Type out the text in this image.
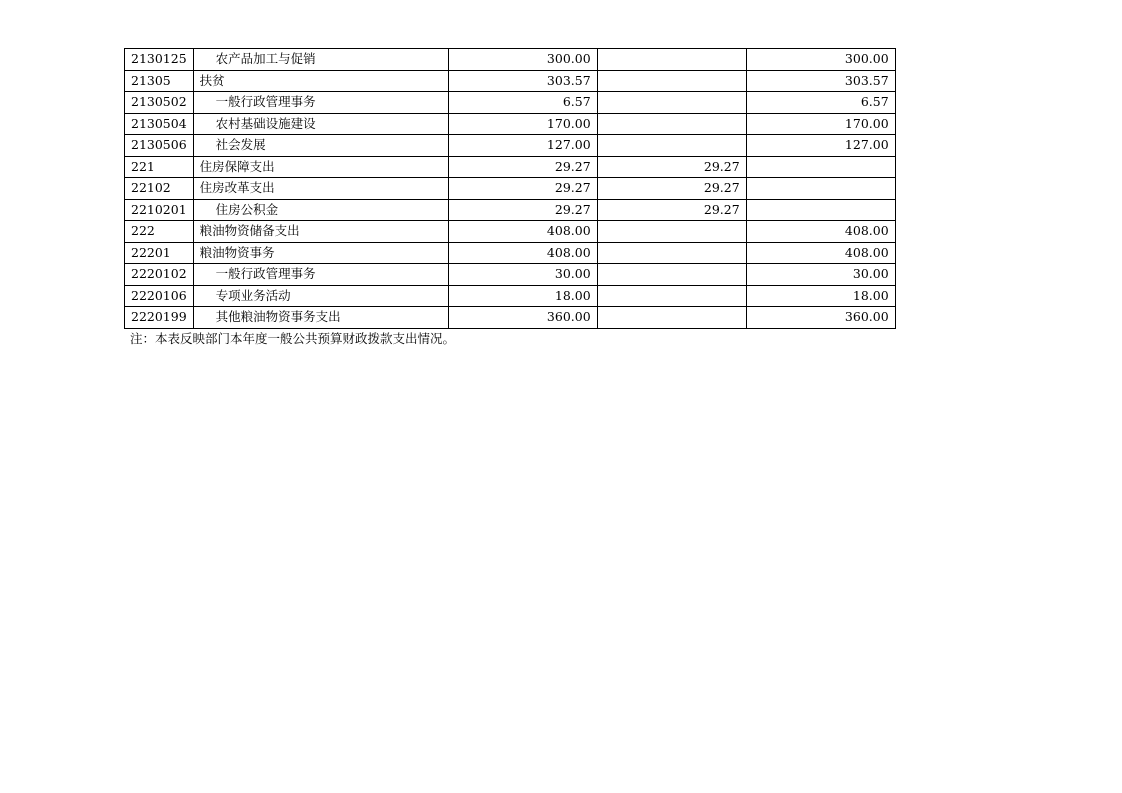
2130125	农产品加工与促销	300.00		300.00
21305	扶贫	303.57		303.57
2130502	一般行政管理事务	6.57		6.57
2130504	农村基础设施建设	170.00		170.00
2130506	社会发展	127.00		127.00
221	住房保障支出	29.27	29.27	
22102	住房改革支出	29.27	29.27	
2210201	住房公积金	29.27	29.27	
222	粮油物资储备支出	408.00		408.00
22201	粮油物资事务	408.00		408.00
2220102	一般行政管理事务	30.00		30.00
2220106	专项业务活动	18.00		18.00
2220199	其他粮油物资事务支出	360.00		360.00
注：本表反映部门本年度一般公共预算财政拨款支出情况。
